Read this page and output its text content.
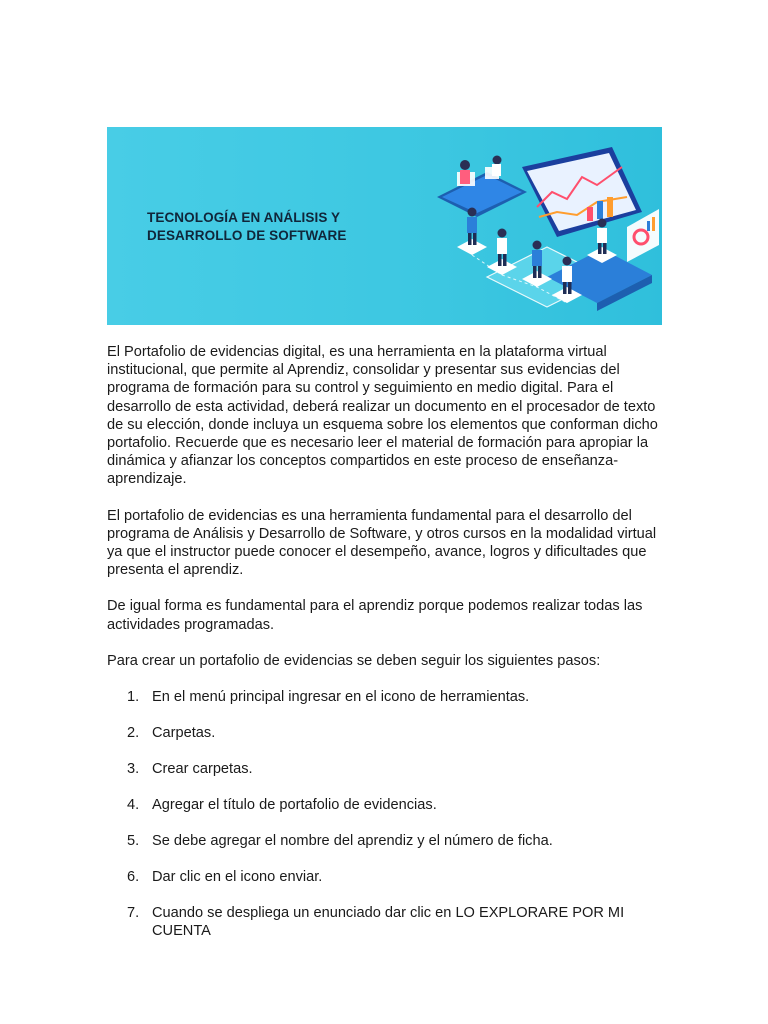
TECNOLOGÍA EN ANÁLISIS Y
DESARROLLO DE SOFTWARE

El Portafolio de evidencias digital, es una herramienta en la plataforma virtual institucional, que permite al Aprendiz, consolidar y presentar sus evidencias del programa de formación para su control y seguimiento en medio digital. Para el desarrollo de esta actividad, deberá realizar un documento en el procesador de texto de su elección, donde incluya un esquema sobre los elementos que conforman dicho portafolio. Recuerde que es necesario leer el material de formación para apropiar la dinámica y afianzar los conceptos compartidos en este proceso de enseñanza-aprendizaje.

El portafolio de evidencias es una herramienta fundamental para el desarrollo del programa de Análisis y Desarrollo de Software, y otros cursos en la modalidad virtual ya que el instructor puede conocer el desempeño, avance, logros y dificultades que presenta el aprendiz.

De igual forma es fundamental para el aprendiz porque podemos realizar todas las actividades programadas.

Para crear un portafolio de evidencias se deben seguir los siguientes pasos:

1. En el menú principal ingresar en el icono de herramientas.
2. Carpetas.
3. Crear carpetas.
4. Agregar el título de portafolio de evidencias.
5. Se debe agregar el nombre del aprendiz y el número de ficha.
6. Dar clic en el icono enviar.
7. Cuando se despliega un enunciado dar clic en LO EXPLORARE POR MI CUENTA
